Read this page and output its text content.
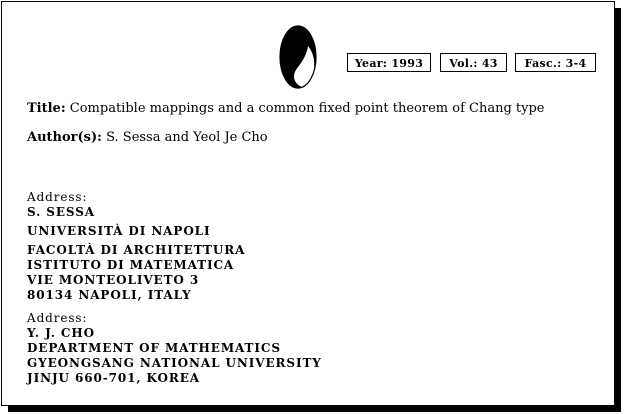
Year: 1993	Vol.: 43	Fasc.: 3-4
Title: Compatible mappings and a common fixed point theorem of Chang type
Author(s): S. Sessa and Yeol Je Cho
Address:
S. SESSA
UNIVERSITÀ DI NAPOLI
FACOLTÀ DI ARCHITETTURA
ISTITUTO DI MATEMATICA
VIE MONTEOLIVETO 3
80134 NAPOLI, ITALY
Address:
Y. J. CHO
DEPARTMENT OF MATHEMATICS
GYEONGSANG NATIONAL UNIVERSITY
JINJU 660-701, KOREA
